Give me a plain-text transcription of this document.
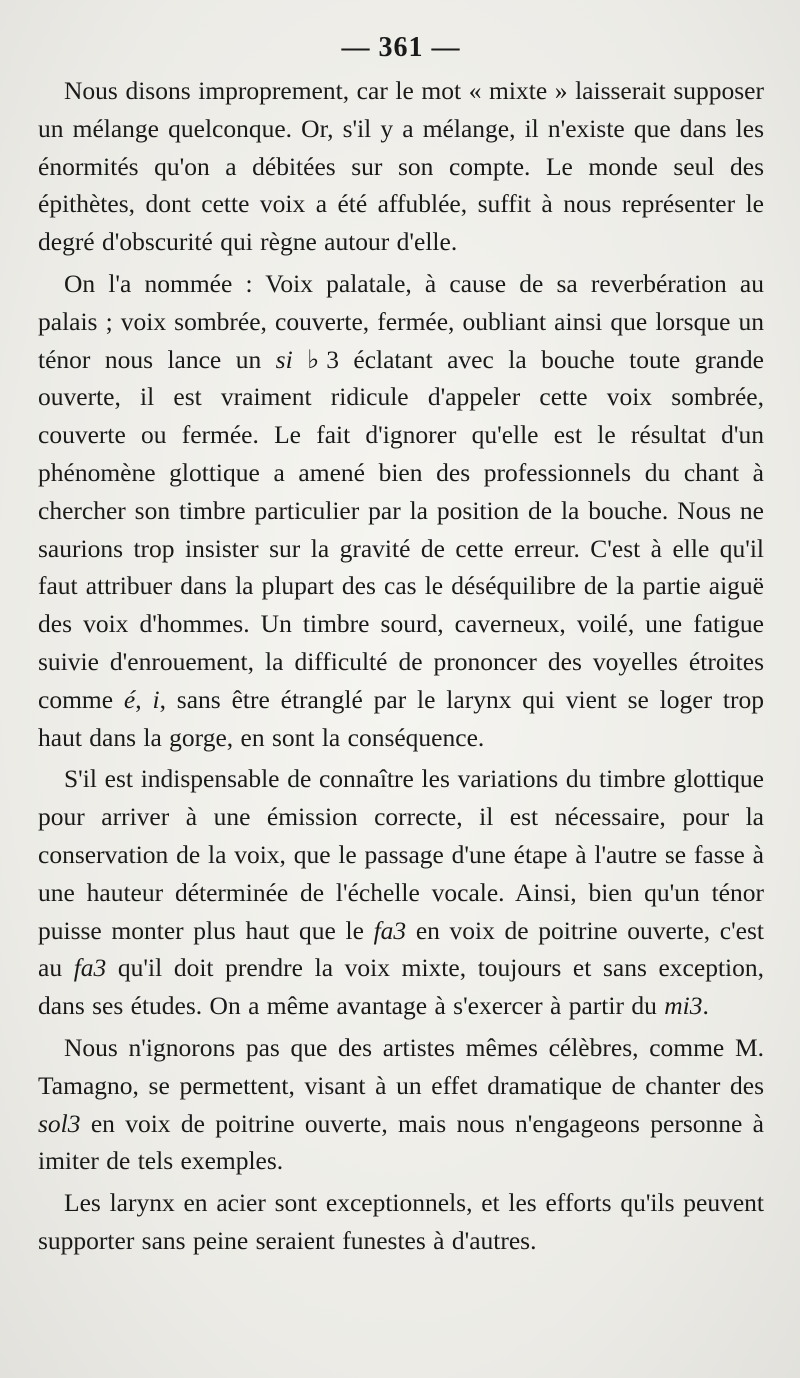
— 361 —

Nous disons improprement, car le mot « mixte » laisserait supposer un mélange quelconque. Or, s'il y a mélange, il n'existe que dans les énormités qu'on a débitées sur son compte. Le monde seul des épithètes, dont cette voix a été affublée, suffit à nous représenter le degré d'obscurité qui règne autour d'elle.

On l'a nommée : Voix palatale, à cause de sa reverbération au palais ; voix sombrée, couverte, fermée, oubliant ainsi que lorsque un ténor nous lance un si ♭3 éclatant avec la bouche toute grande ouverte, il est vraiment ridicule d'appeler cette voix sombrée, couverte ou fermée. Le fait d'ignorer qu'elle est le résultat d'un phénomène glottique a amené bien des professionnels du chant à chercher son timbre particulier par la position de la bouche. Nous ne saurions trop insister sur la gravité de cette erreur. C'est à elle qu'il faut attribuer dans la plupart des cas le déséquilibre de la partie aiguë des voix d'hommes. Un timbre sourd, caverneux, voilé, une fatigue suivie d'enrouement, la difficulté de prononcer des voyelles étroites comme é, i, sans être étranglé par le larynx qui vient se loger trop haut dans la gorge, en sont la conséquence.

S'il est indispensable de connaître les variations du timbre glottique pour arriver à une émission correcte, il est nécessaire, pour la conservation de la voix, que le passage d'une étape à l'autre se fasse à une hauteur déterminée de l'échelle vocale. Ainsi, bien qu'un ténor puisse monter plus haut que le fa3 en voix de poitrine ouverte, c'est au fa3 qu'il doit prendre la voix mixte, toujours et sans exception, dans ses études. On a même avantage à s'exercer à partir du mi3.

Nous n'ignorons pas que des artistes mêmes célèbres, comme M. Tamagno, se permettent, visant à un effet dramatique de chanter des sol3 en voix de poitrine ouverte, mais nous n'engageons personne à imiter de tels exemples.

Les larynx en acier sont exceptionnels, et les efforts qu'ils peuvent supporter sans peine seraient funestes à d'autres.
